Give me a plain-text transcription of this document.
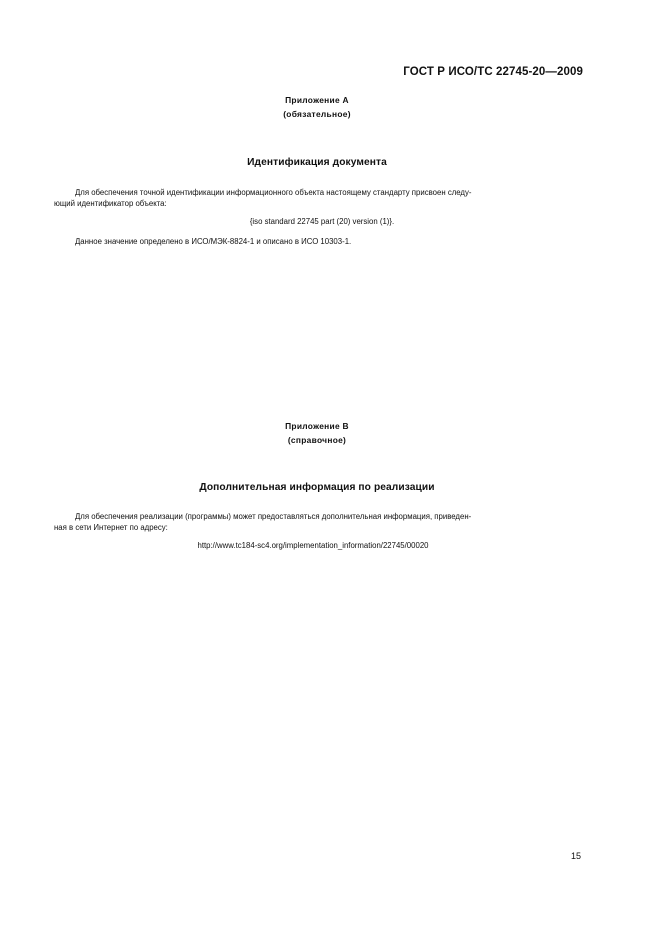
ГОСТ Р ИСО/ТС 22745-20—2009
Приложение А
(обязательное)
Идентификация документа
Для обеспечения точной идентификации информационного объекта настоящему стандарту присвоен следу-
ющий идентификатор объекта:
{iso standard 22745 part (20) version (1)}.
Данное значение определено в ИСО/МЭК-8824-1 и описано в ИСО 10303-1.
Приложение В
(справочное)
Дополнительная информация по реализации
Для обеспечения реализации (программы) может предоставляться дополнительная информация, приведен-
ная в сети Интернет по адресу:
http://www.tc184-sc4.org/implementation_information/22745/00020
15
